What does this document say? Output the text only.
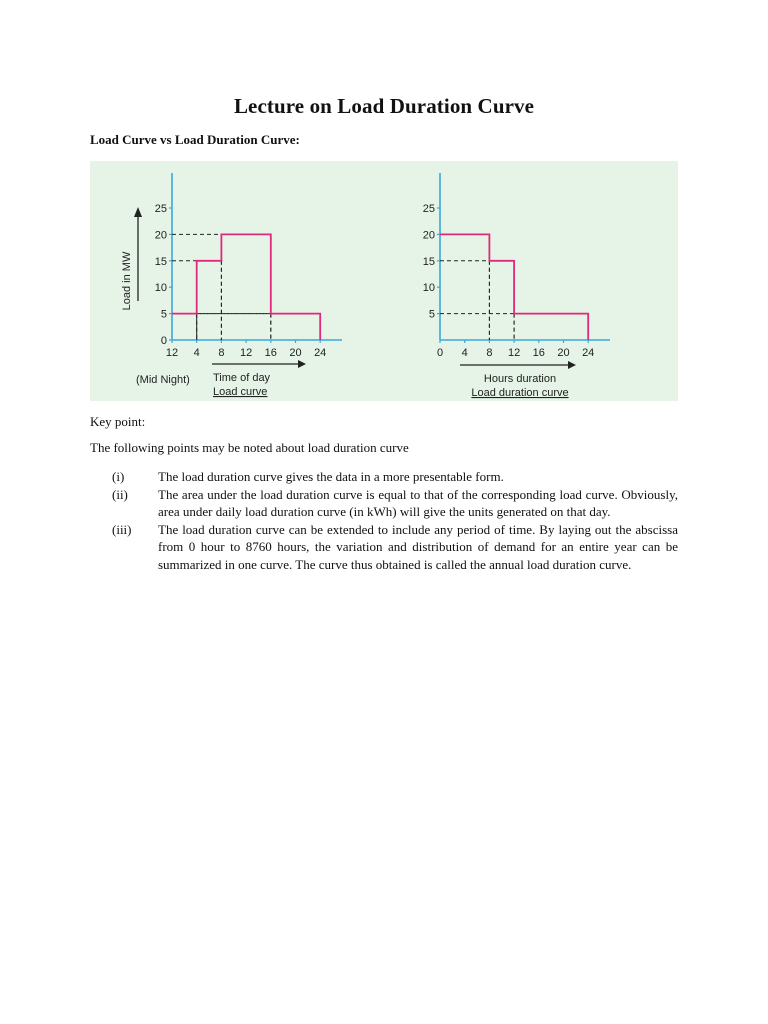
Lecture on Load Duration Curve
Load Curve vs Load Duration Curve:
0
5
10
15
20
25
12 4 8 12 16 20 24
Load in MW
(Mid Night) Time of day
Load curve
5
10
15
20
25
0 4 8 12 16 20 24
Hours duration
Load duration curve
Key point:
The following points may be noted about load duration curve
(i)	The load duration curve gives the data in a more presentable form.
(ii)	The area under the load duration curve is equal to that of the corresponding load curve. Obviously, area under daily load duration curve (in kWh) will give the units generated on that day.
(iii)	The load duration curve can be extended to include any period of time. By laying out the abscissa from 0 hour to 8760 hours, the variation and distribution of demand for an entire year can be summarized in one curve. The curve thus obtained is called the annual load duration curve.
